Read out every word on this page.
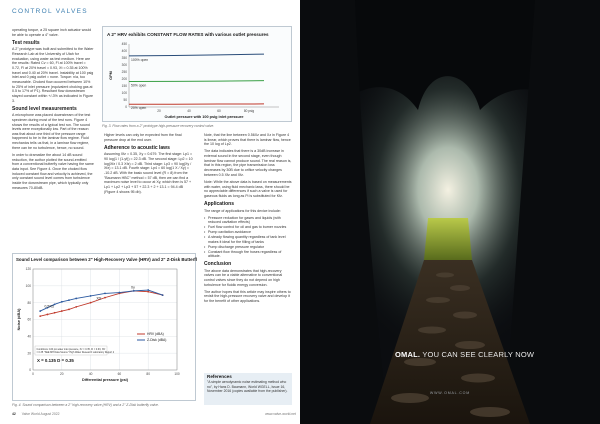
CONTROL VALVES

operating torque, a 25 square inch actuator would be able to operate a 4" valve.

Test results

A 2" prototype was built and submitted to the Water Research Lab at the University of Utah for evaluation, using water as test medium. Here are the results: Rated Cv = 60, Fl at 100% travel = 0.72, Fl at 20% travel = 0.93, Xt = 0.35 at 100% travel and 0.40 at 20% travel. Instability at 100 psig inlet and 0 psig outlet = none. Torque: n/a, too measurable. Choked flow occurred between 10% to 25% of inlet pressure (equivalent choking gas at 0.5 to 17% of P1). Resultant flow downstream stayed constant within +/-3% as indicated in Figure 3.

Sound level measurements

A microphone was placed downstream of the test specimen during most of the test runs. Figure 4 shows the results of a typical test run. The sound levels were exceptionally low. Part of the reason was that about one third of the pressure range happened to be in the laminar flow regime. Fluid mechanics tells us that, in a laminar flow regime, there can be no turbulence, hence, no sound.

In order to dramatize the about 14 dB sound reduction, the author plotted the sound-emitted from a conventional butterfly valve having the same data input. See Figure 4. Once the choked flow induced constant flow and velocity is achieved, the only constant sound level comes from turbulence inside the downstream pipe, which typically only measures 70-80dB.

A 2" HRV exhibits CONSTANT FLOW RATES with various outlet pressures
0
50
100
150
200
250
300
350
400
450
20	40	60	80 psig
Outlet pressure with 100 psig inlet pressure
GPM
100% open
50% open
20% open
Fig. 3. Flow rates from a 2" prototype high-pressure recovery control valve.

Higher levels can only be expected from the final pressure drop at the end user.

Adherence to acoustic laws

Assuming Xfz = 0.35, Xy = 0.679. The first stage: Lp1 = 90 log(1 / (1-yf)) = 22.3 dB. The second stage: Lp2 = 10 log(Xfz / 0.3 Xfz) = 2 dB. Third stage: Lp3 = 90 log(Xy / Xfz) = 13.1 dB. Fourth stage: Lp4 = 60 log(1 X / Xy) = -10.2 dB. With the basic sound level (R = 8) from the "Baumann HBC" method = 57 dB, then we can find a maximum noise level to occur at Xy, which then is 57 + Lp1 + Lp2 + Lp3 + 57 + 22.3 + 2 + 13.1 = 94.4 dB (Figure 4 shows 95 db).

Note, that the line between 0.56Xz and Xz in Figure 4 is linear, which proves that there is laminar flow, hence the 10 log of Lp2.

The data indicates that there is a 30dB increase in external sound in the second stage, even though laminar flow cannot produce sound. The real reason is, that in this region, the pipe transmission loss decreases by 30B due to orifice velocity changes between 0.5 Xfz and Xfz.

Note: While the above data is based on measurements with water, using fluid mechanic laws, there should be no appreciable differences if such a valve is used for gaseous fluids as long as Ft is substituted for Kfz.

Applications

The range of applications for this device include:

• Pressure reduction for gases and liquids (with reduced cavitation effects)
• Fuel flow control for oil and gas to burner nozzles
• Pump cavitation avoidance
• A steady flowing quantity regardless of tank level makes it ideal for the filling of tanks
• Pump discharge pressure regulator
• Constant flow through fire hoses regardless of altitude.
Conclusion

The above data demonstrates that high-recovery valves can be a viable alternative to conventional control valves since they do not depend on high turbulence for fluidic energy conversion.

The author hopes that this article may inspire others to revisit the high-pressure recovery valve and develop it for the benefit of other applications.

Sound Level comparison between 2" High-Recovery Valve (HRV) and 2" Z-Disk Butterfly
0
20
40
60
80
100
120
0	20	40	60	80	100
Differential pressure (psi)
Noise (dBA)
0.5Xfz
Xfz
Xy
HRV (dBA)
Z-Disk (dBA)
Conditions: 100 psi water inlet pressure, Xz = 0.35, Fl = 0.93, Xfz = 0.35 "SEE MH Data Source" High Water Research Laboratory Report 2
X = 0.135 D = 0.35
Fig. 4. Sound comparison between a 2" high-recovery valve (HRV) and a 2" Z-Disk butterfly valve.
References
"A simple aerodynamic noise estimating method who no", by Hans D. Baumann, World WGELL, Issue 16, November 2016 (copies available from the publisher).
42 Valve World August 2022	www.valve-world.net
WWW.OMAL.COM
OMAL. YOU CAN SEE CLEARLY NOW
